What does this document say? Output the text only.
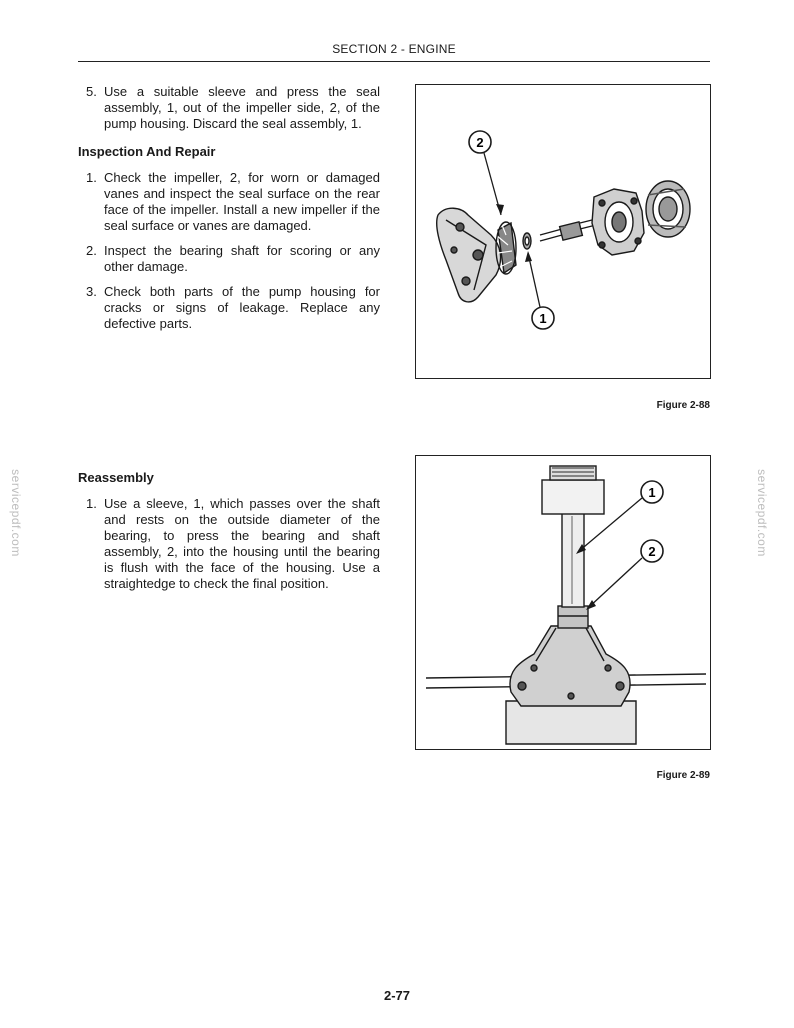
SECTION 2 - ENGINE
servicepdf.com	servicepdf.com

5. Use a suitable sleeve and press the seal assembly, 1, out of the impeller side, 2, of the pump housing. Discard the seal assembly, 1.

Inspection And Repair

1. Check the impeller, 2, for worn or damaged vanes and inspect the seal surface on the rear face of the impeller. Install a new impeller if the seal surface or vanes are damaged.

2. Inspect the bearing shaft for scoring or any other damage.

3. Check both parts of the pump housing for cracks or signs of leakage. Replace any defective parts.

Reassembly

1. Use a sleeve, 1, which passes over the shaft and rests on the outside diameter of the bearing, to press the bearing and shaft assembly, 2, into the housing until the bearing is flush with the face of the housing. Use a straightedge to check the final position.

2
1
Figure 2-88
1
2
Figure 2-89
2-77
